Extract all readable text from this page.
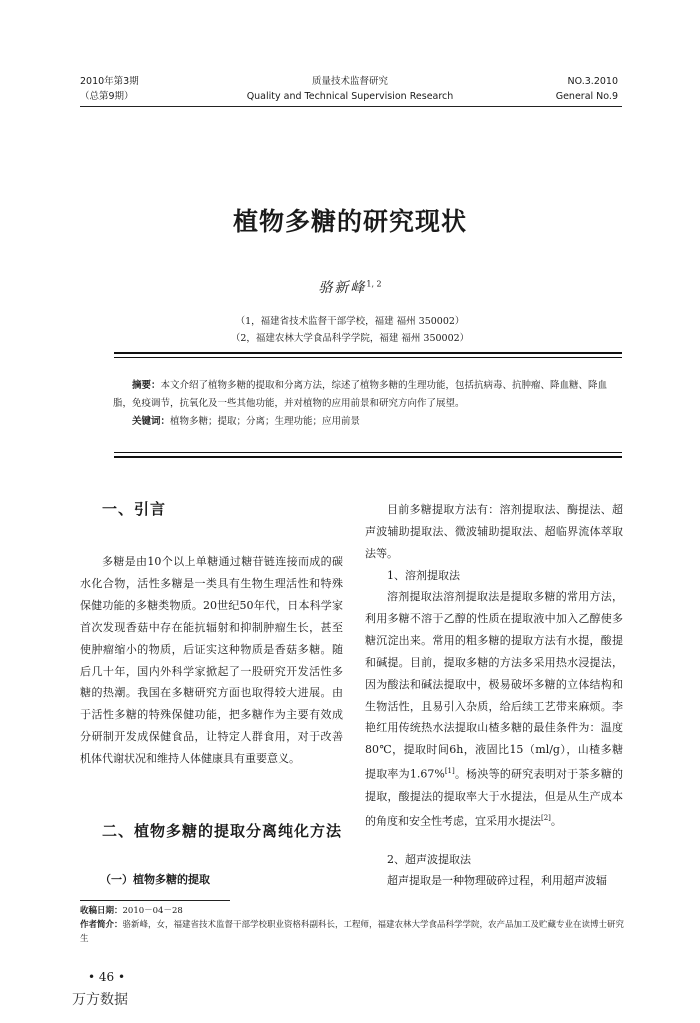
2010年第3期
（总第9期）
质量技术监督研究
Quality and Technical Supervision Research
NO.3.2010
General No.9
植物多糖的研究现状
骆新峰$^{1, 2}$
（1，福建省技术监督干部学校，福建 福州 350002）
（2，福建农林大学食品科学学院，福建 福州 350002）
摘要：本文介绍了植物多糖的提取和分离方法，综述了植物多糖的生理功能，包括抗病毒、抗肿瘤、降血糖、降血脂，免疫调节，抗氧化及一些其他功能，并对植物的应用前景和研究方向作了展望。
关键词：植物多糖；提取；分离；生理功能；应用前景
一、引言
多糖是由10个以上单糖通过糖苷链连接而成的碳水化合物，活性多糖是一类具有生物生理活性和特殊保健功能的多糖类物质。20世纪50年代，日本科学家首次发现香菇中存在能抗辐射和抑制肿瘤生长，甚至使肿瘤缩小的物质，后证实这种物质是香菇多糖。随后几十年，国内外科学家掀起了一股研究开发活性多糖的热潮。我国在多糖研究方面也取得较大进展。由于活性多糖的特殊保健功能，把多糖作为主要有效成分研制开发成保健食品，让特定人群食用，对于改善机体代谢状况和维持人体健康具有重要意义。
二、植物多糖的提取分离纯化方法
（一）植物多糖的提取
目前多糖提取方法有：溶剂提取法、酶提法、超声波辅助提取法、微波辅助提取法、超临界流体萃取法等。
1、溶剂提取法
溶剂提取法溶剂提取法是提取多糖的常用方法，利用多糖不溶于乙醇的性质在提取液中加入乙醇使多糖沉淀出来。常用的粗多糖的提取方法有水提，酸提和碱提。目前，提取多糖的方法多采用热水浸提法，因为酸法和碱法提取中，极易破坏多糖的立体结构和生物活性，且易引入杂质，给后续工艺带来麻烦。李艳红用传统热水法提取山楂多糖的最佳条件为：温度80℃，提取时间6h，液固比15（ml/g），山楂多糖提取率为1.67%[1]。杨泱等的研究表明对于茶多糖的提取，酸提法的提取率大于水提法，但是从生产成本的角度和安全性考虑，宜采用水提法[2]。
2、超声波提取法
超声提取是一种物理破碎过程，利用超声波辐
收稿日期：2010－04－28
作者简介：骆新峰，女，福建省技术监督干部学校职业资格科副科长，工程师，福建农林大学食品科学学院，农产品加工及贮藏专业在读博士研究生
• 46 •
万方数据
